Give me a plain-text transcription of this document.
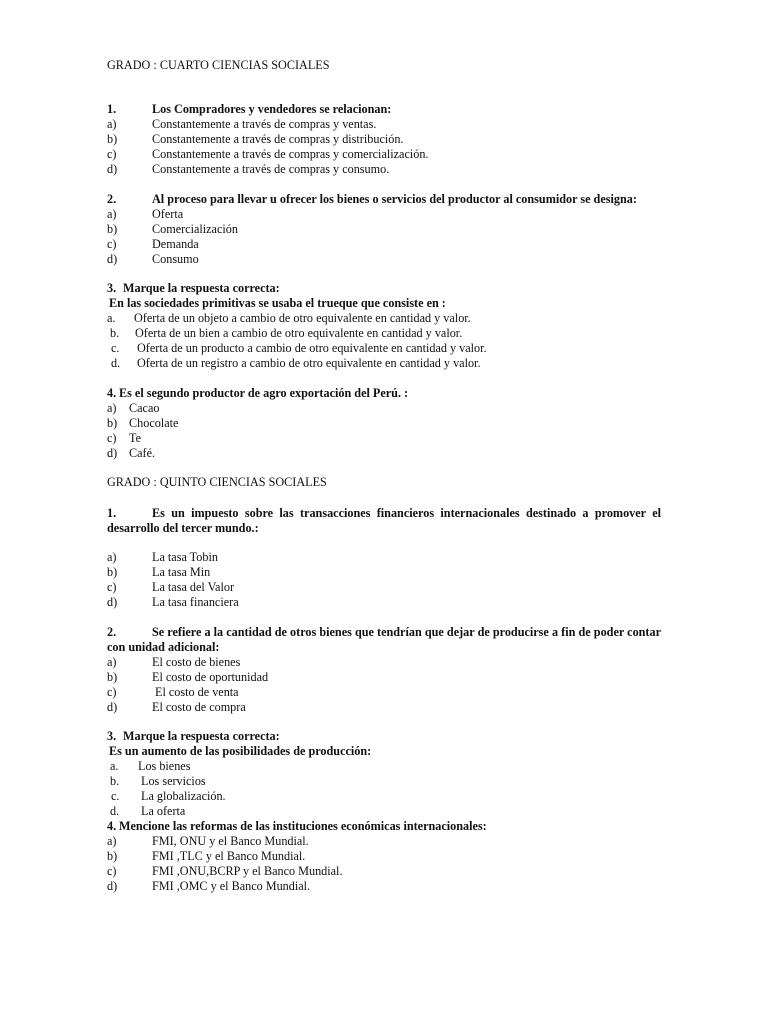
GRADO : CUARTO CIENCIAS SOCIALES
1.	Los Compradores y vendedores se relacionan:
a)	Constantemente a través de compras y ventas.
b)	Constantemente a través de compras y distribución.
c)	Constantemente a través de compras y comercialización.
d)	Constantemente a través de compras y consumo.
2.	Al proceso para llevar u ofrecer los bienes o servicios del productor al consumidor se designa:
a)	Oferta
b)	Comercialización
c)	Demanda
d)	Consumo
3. Marque la respuesta correcta:
En las sociedades primitivas se usaba el trueque que consiste en :
a. Oferta de un objeto a cambio de otro equivalente en cantidad y valor.
b. Oferta de un bien a cambio de otro equivalente en cantidad y valor.
c. Oferta de un producto a cambio de otro equivalente en cantidad y valor.
d. Oferta de un registro a cambio de otro equivalente en cantidad y valor.
4. Es el segundo productor de agro exportación del Perú. :
a) Cacao
b) Chocolate
c) Te
d) Café.
GRADO : QUINTO CIENCIAS SOCIALES
1.	Es un impuesto sobre las transacciones financieros internacionales destinado a promover el desarrollo del tercer mundo.:
a)	La tasa Tobin
b)	La tasa Min
c)	La tasa del Valor
d)	La tasa financiera
2.	Se refiere a la cantidad de otros bienes que tendrían que dejar de producirse a fin de poder contar con unidad adicional:
a)	El costo de bienes
b)	El costo de oportunidad
c)	El costo de venta
d)	El costo de compra
3. Marque la respuesta correcta:
Es un aumento de las posibilidades de producción:
a. Los bienes
b. Los servicios
c. La globalización.
d. La oferta
4. Mencione las reformas de las instituciones económicas internacionales:
a)	FMI, ONU y el Banco Mundial.
b)	FMI ,TLC y el Banco Mundial.
c)	FMI ,ONU,BCRP y el Banco Mundial.
d)	FMI ,OMC y el Banco Mundial.
